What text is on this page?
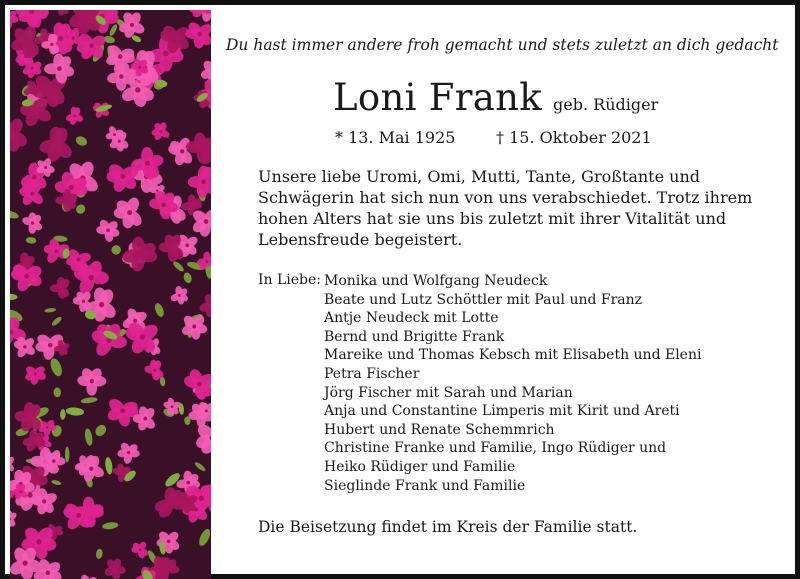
Du hast immer andere froh gemacht und stets zuletzt an dich gedacht
Loni Frank geb. Rüdiger
* 13. Mai 1925	† 15. Oktober 2021

Unsere liebe Uromi, Omi, Mutti, Tante, Großtante und

Schwägerin hat sich nun von uns verabschiedet. Trotz ihrem

hohen Alters hat sie uns bis zuletzt mit ihrer Vitalität und

Lebensfreude begeistert.

In Liebe: Monika und Wolfgang Neudeck
Beate und Lutz Schöttler mit Paul und Franz
Antje Neudeck mit Lotte
Bernd und Brigitte Frank
Mareike und Thomas Kebsch mit Elisabeth und Eleni
Petra Fischer
Jörg Fischer mit Sarah und Marian
Anja und Constantine Limperis mit Kirit und Areti
Hubert und Renate Schemmrich
Christine Franke und Familie, Ingo Rüdiger und
Heiko Rüdiger und Familie
Sieglinde Frank und Familie
Die Beisetzung findet im Kreis der Familie statt.
